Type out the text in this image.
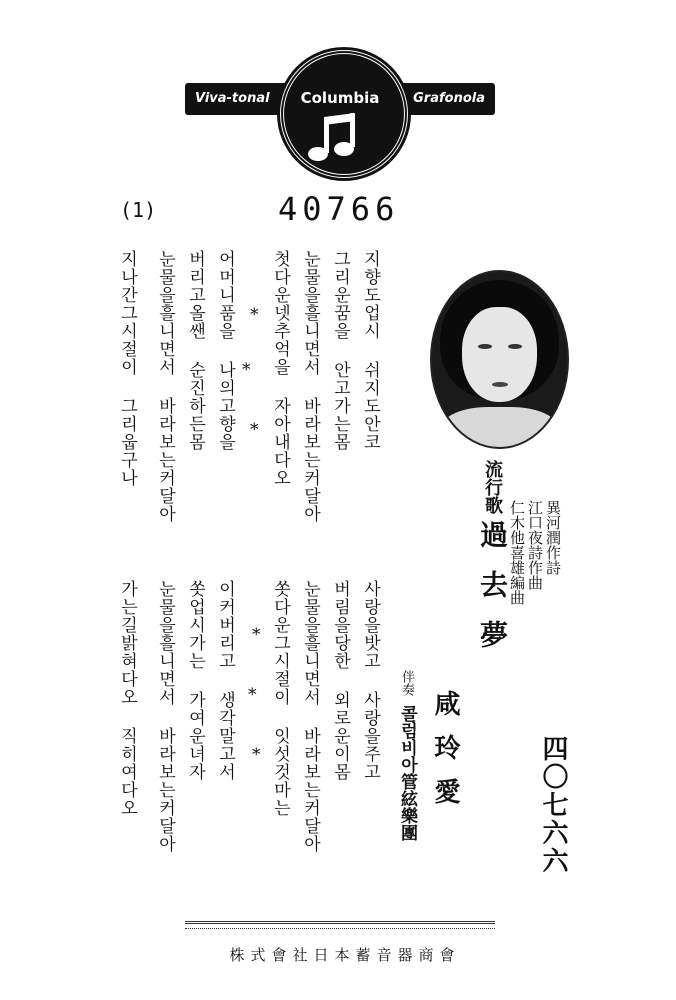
Viva-tonal	Grafonola
Columbia
(1)	40766
지향도업시 쉬지도안코
그리운꿈을 안고가는몸
눈물을흘니면서 바라보는커달아
첫다운넷추억을 자아내다오
*
*
*
어머니품을 나의고향을
버리고올쌘 순진하든몸
눈물을흘니면서 바라보는커달아
지나간그시절이 그리웁구나
사랑을밧고 사랑을주고
버림을당한 외로운이몸
눈물을흘니면서 바라보는커달아
쏫다운그시절이 잇섯것마는
*
*
*
이커버리고 생각말고서
쏫업시가는 가여운녀자
눈물을흘니면서 바라보는커달아
가는길밝혀다오 직히여다오
流行歌
過去夢
咸玲愛
異河潤作詩
江口夜詩作曲
仁木他喜雄編曲
伴奏
콜럼비아管絃樂團	四〇七六六
株式會社日本蓄音器商會
